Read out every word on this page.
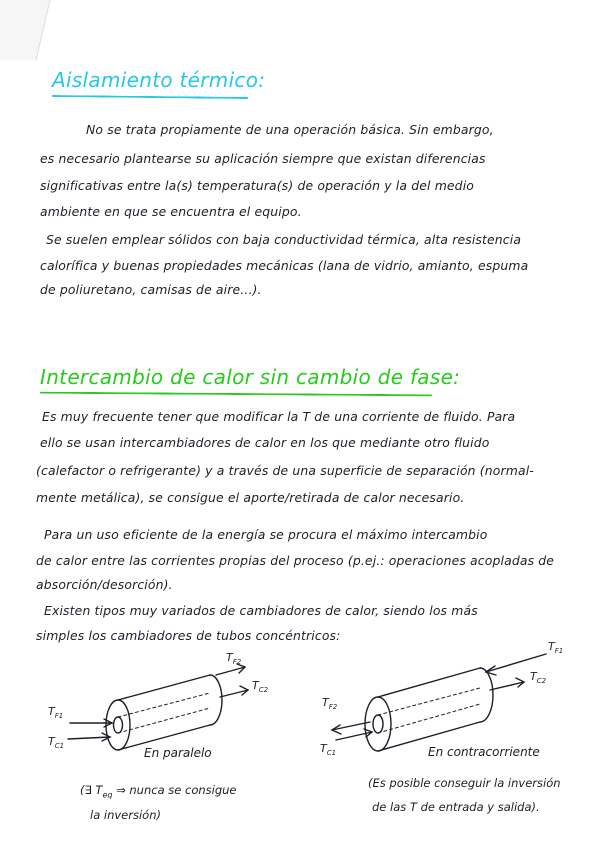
Aislamiento térmico:
No se trata propiamente de una operación básica. Sin embargo,
es necesario plantearse su aplicación siempre que existan diferencias
significativas entre la(s) temperatura(s) de operación y la del medio
ambiente en que se encuentra el equipo.
Se suelen emplear sólidos con baja conductividad térmica, alta resistencia
calorífica y buenas propiedades mecánicas (lana de vidrio, amianto, espuma
de poliuretano, camisas de aire...).
Intercambio de calor sin cambio de fase:
Es muy frecuente tener que modificar la T de una corriente de fluido. Para
ello se usan intercambiadores de calor en los que mediante otro fluido
(calefactor o refrigerante) y a través de una superficie de separación (normal-
mente metálica), se consigue el aporte/retirada de calor necesario.
Para un uso eficiente de la energía se procura el máximo intercambio
de calor entre las corrientes propias del proceso (p.ej.: operaciones acopladas de
absorción/desorción).
Existen tipos muy variados de cambiadores de calor, siendo los más
simples los cambiadores de tubos concéntricos:
$T_{F1}$
$T_{C1}$
$T_{F2}$
$T_{C2}$
En paralelo
(∃ $T_{eq}$ ⇒ nunca se consigue
la inversión)
$T_{F1}$
$T_{C2}$
$T_{F2}$
$T_{C1}$	En contracorriente
(Es posible conseguir la inversión
de las T de entrada y salida).
